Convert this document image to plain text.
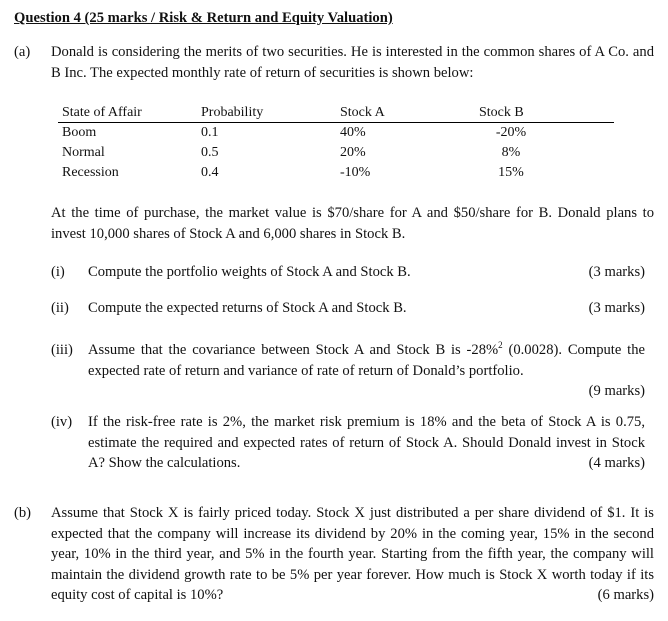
Question 4 (25 marks / Risk & Return and Equity Valuation)
(a) Donald is considering the merits of two securities. He is interested in the common shares of A Co. and B Inc. The expected monthly rate of return of securities is shown below:
State of Affair	Probability	Stock A	Stock B
Boom	0.1	40%	-20%
Normal	0.5	20%	8%
Recession	0.4	-10%	15%
At the time of purchase, the market value is $70/share for A and $50/share for B. Donald plans to invest 10,000 shares of Stock A and 6,000 shares in Stock B.
(i) Compute the portfolio weights of Stock A and Stock B.	(3 marks)
(ii) Compute the expected returns of Stock A and Stock B.	(3 marks)
(iii) Assume that the covariance between Stock A and Stock B is -28%$^2$ (0.0028). Compute the expected rate of return and variance of rate of return of Donald’s portfolio.
(9 marks)
(iv) If the risk-free rate is 2%, the market risk premium is 18% and the beta of Stock A is 0.75, estimate the required and expected rates of return of Stock A. Should Donald invest in Stock A? Show the calculations.	(4 marks)
(b) Assume that Stock X is fairly priced today. Stock X just distributed a per share dividend of $1. It is expected that the company will increase its dividend by 20% in the coming year, 15% in the second year, 10% in the third year, and 5% in the fourth year. Starting from the fifth year, the company will maintain the dividend growth rate to be 5% per year forever. How much is Stock X worth today if its equity cost of capital is 10%?	(6 marks)
